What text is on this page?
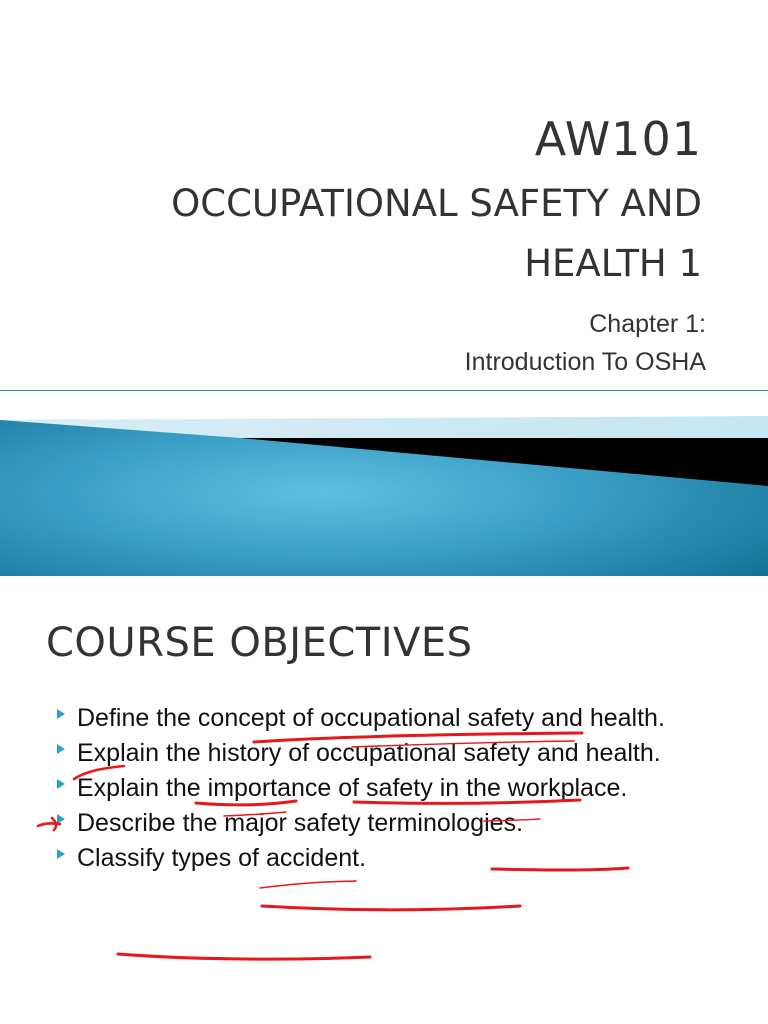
AW101
OCCUPATIONAL SAFETY AND
HEALTH 1

Chapter 1:

Introduction To OSHA

COURSE OBJECTIVES
Define the concept of occupational safety and health.
Explain the history of occupational safety and health.
Explain the importance of safety in the workplace.
Describe the major safety terminologies.
Classify types of accident.
